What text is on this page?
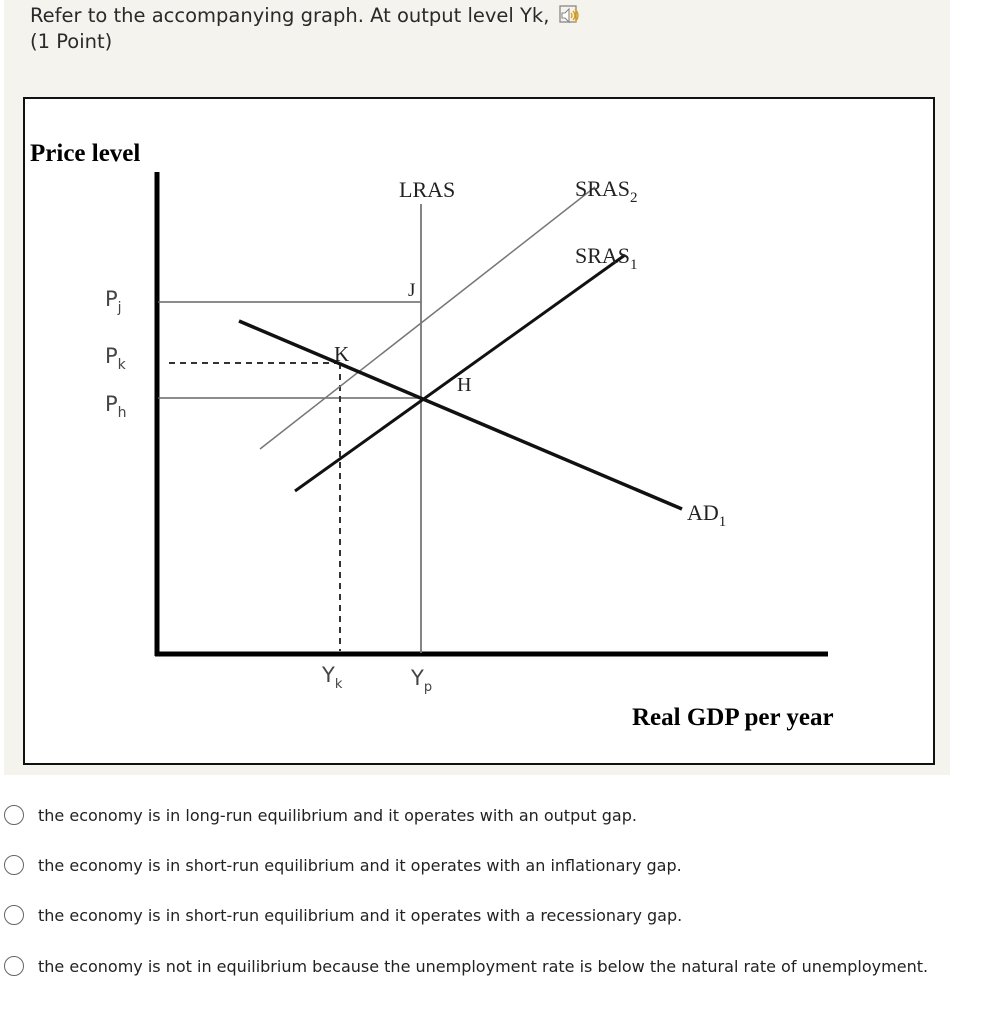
Refer to the accompanying graph. At output level Yk,
(1 Point)
Price level
LRAS	$SRAS_2$
$SRAS_1$
$AD_1$
J
K
H
$P_j$
$P_k$
$P_h$
$Y_k$	$Y_p$
Real GDP per year
the economy is in long-run equilibrium and it operates with an output gap.
the economy is in short-run equilibrium and it operates with an inflationary gap.
the economy is in short-run equilibrium and it operates with a recessionary gap.
the economy is not in equilibrium because the unemployment rate is below the natural rate of unemployment.
